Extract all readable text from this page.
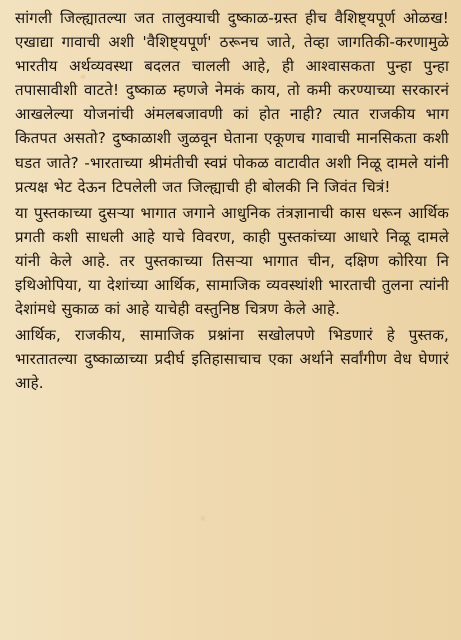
सांगली जिल्ह्यातल्या जत तालुक्याची दुष्काळ-ग्रस्त हीच वैशिष्ट्यपूर्ण ओळख! एखाद्या गावाची अशी 'वैशिष्ट्यपूर्ण' ठरूनच जाते, तेव्हा जागतिकी-करणामुळे भारतीय अर्थव्यवस्था बदलत चालली आहे, ही आश्वासकता पुन्हा पुन्हा तपासावीशी वाटते! दुष्काळ म्हणजे नेमकं काय, तो कमी करण्याच्या सरकारनं आखलेल्या योजनांची अंमलबजावणी कां होत नाही? त्यात राजकीय भाग कितपत असतो? दुष्काळाशी जुळवून घेताना एकूणच गावाची मानसिकता कशी घडत जाते? -भारताच्या श्रीमंतीची स्वप्नं पोकळ वाटावीत अशी निळू दामले यांनी प्रत्यक्ष भेट देऊन टिपलेली जत जिल्ह्याची ही बोलकी नि जिवंत चित्रं!

या पुस्तकाच्या दुसऱ्या भागात जगाने आधुनिक तंत्रज्ञानाची कास धरून आर्थिक प्रगती कशी साधली आहे याचे विवरण, काही पुस्तकांच्या आधारे निळू दामले यांनी केले आहे. तर पुस्तकाच्या तिसऱ्या भागात चीन, दक्षिण कोरिया नि इथिओपिया, या देशांच्या आर्थिक, सामाजिक व्यवस्थांशी भारताची तुलना त्यांनी देशांमधे सुकाळ कां आहे याचेही वस्तुनिष्ठ चित्रण केले आहे.

आर्थिक, राजकीय, सामाजिक प्रश्नांना सखोलपणे भिडणारं हे पुस्तक, भारतातल्या दुष्काळाच्या प्रदीर्घ इतिहासाचाच एका अर्थाने सर्वांगीण वेध घेणारं आहे.
